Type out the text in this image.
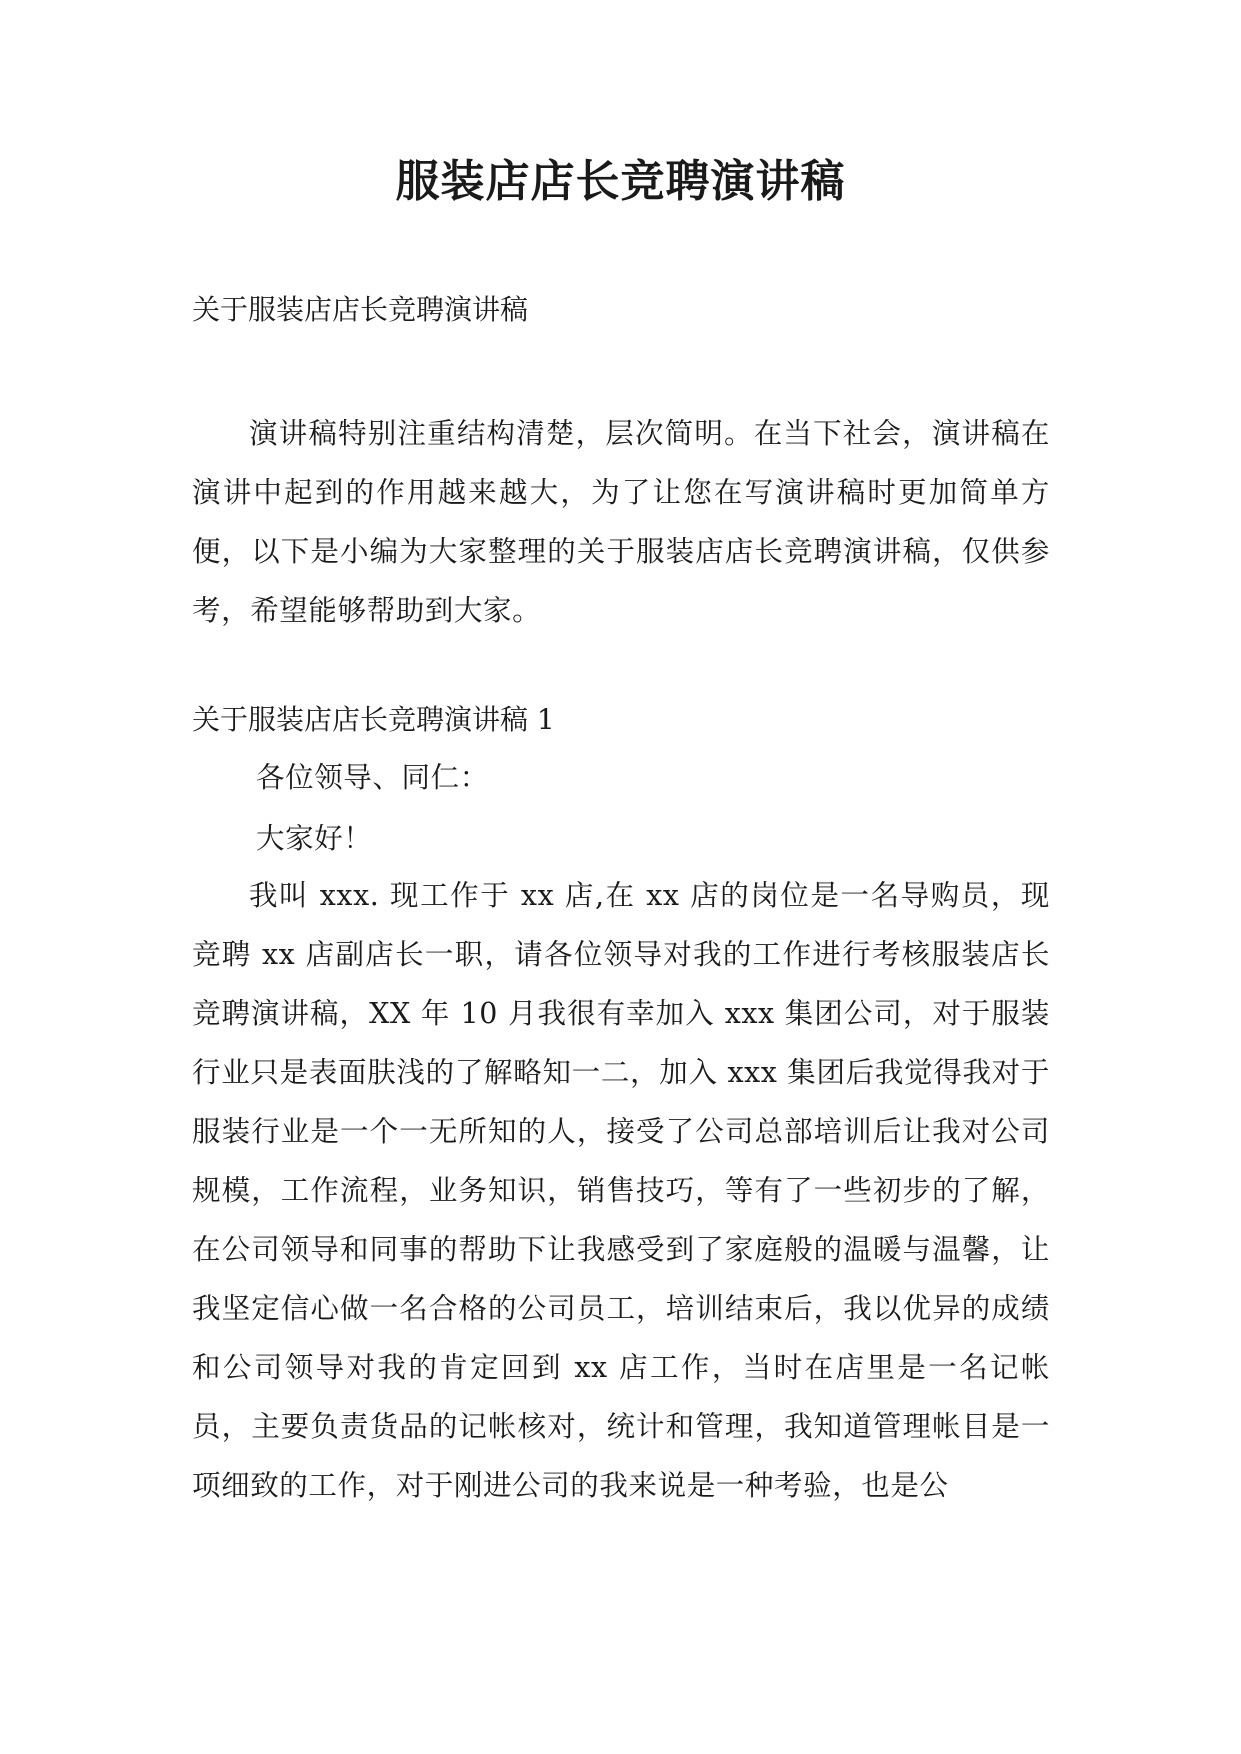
服装店店长竞聘演讲稿

关于服装店店长竞聘演讲稿

演讲稿特别注重结构清楚，层次简明。在当下社会，演讲稿在演讲中起到的作用越来越大，为了让您在写演讲稿时更加简单方便，以下是小编为大家整理的关于服装店店长竞聘演讲稿，仅供参考，希望能够帮助到大家。

关于服装店店长竞聘演讲稿 1

各位领导、同仁：

大家好！

我叫 xxx. 现工作于 xx 店,在 xx 店的岗位是一名导购员，现竞聘 xx 店副店长一职，请各位领导对我的工作进行考核服装店长竞聘演讲稿，XX 年 10 月我很有幸加入 xxx 集团公司，对于服装行业只是表面肤浅的了解略知一二，加入 xxx 集团后我觉得我对于服装行业是一个一无所知的人，接受了公司总部培训后让我对公司规模，工作流程，业务知识，销售技巧，等有了一些初步的了解，在公司领导和同事的帮助下让我感受到了家庭般的温暖与温馨，让我坚定信心做一名合格的公司员工，培训结束后，我以优异的成绩和公司领导对我的肯定回到 xx 店工作，当时在店里是一名记帐员，主要负责货品的记帐核对，统计和管理，我知道管理帐目是一项细致的工作，对于刚进公司的我来说是一种考验，也是公
